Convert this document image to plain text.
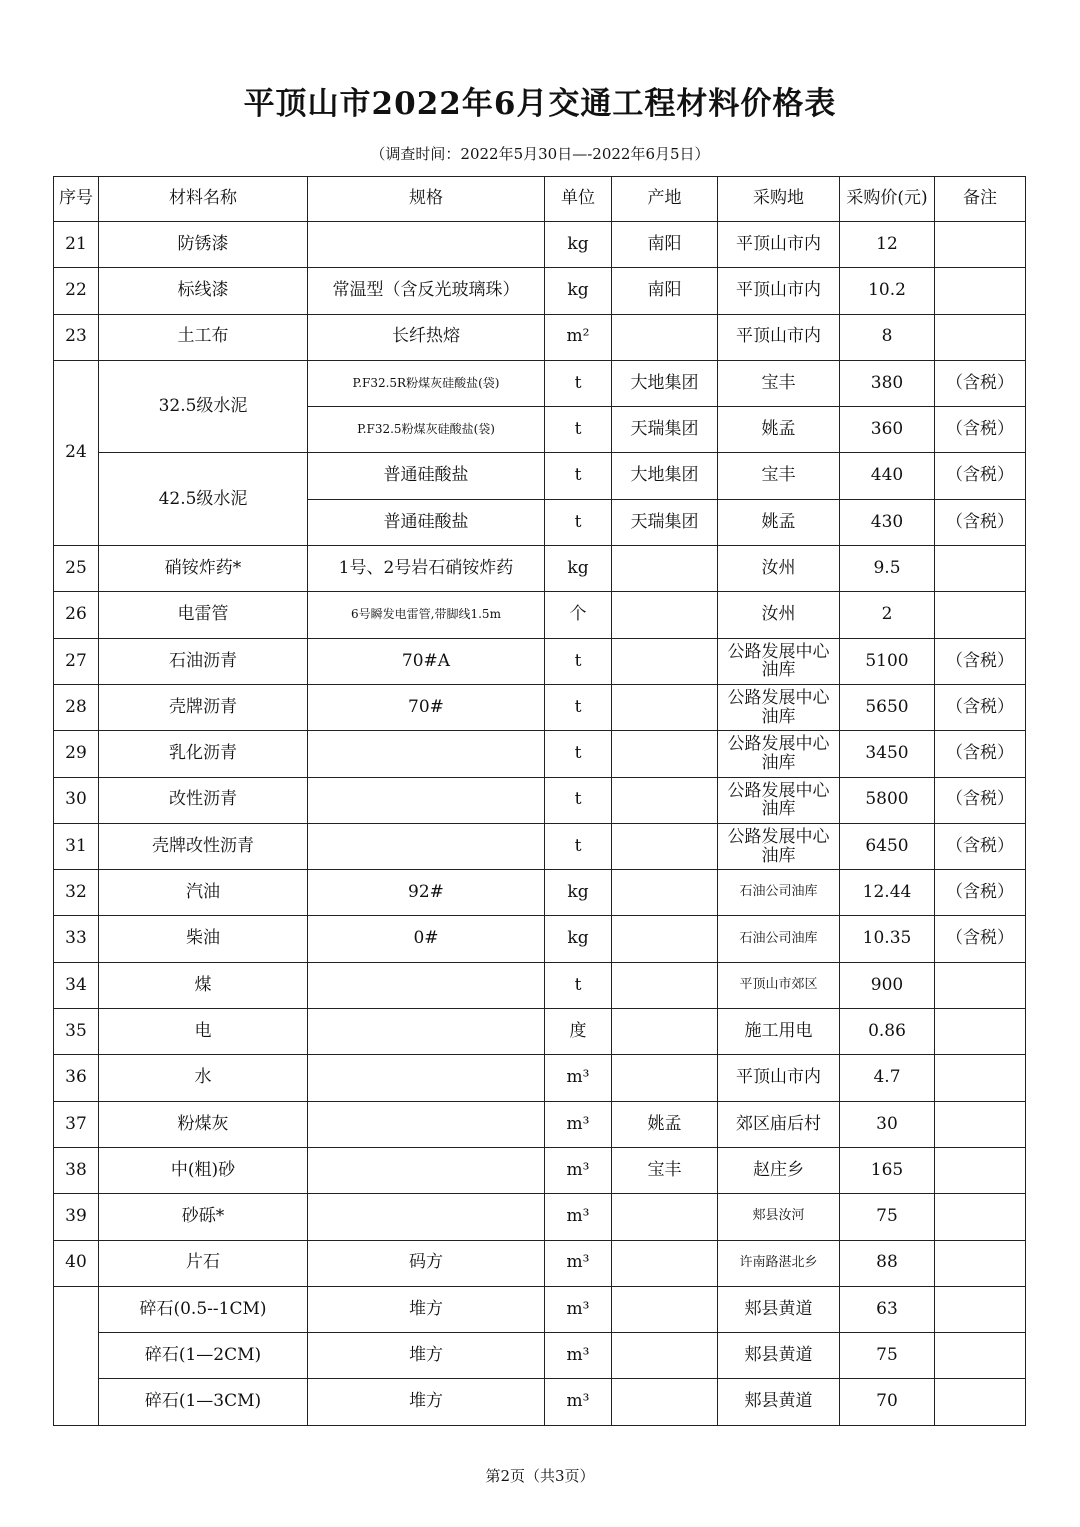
平顶山市2022年6月交通工程材料价格表
（调查时间：2022年5月30日—-2022年6月5日）
序号	材料名称	规格	单位	产地	采购地	采购价(元)	备注
21	防锈漆		kg	南阳	平顶山市内	12	
22	标线漆	常温型（含反光玻璃珠）	kg	南阳	平顶山市内	10.2	
23	土工布	长纤热熔	m²		平顶山市内	8	
24	32.5级水泥	P.F32.5R粉煤灰硅酸盐(袋)	t	大地集团	宝丰	380	（含税）
		P.F32.5粉煤灰硅酸盐(袋)	t	天瑞集团	姚孟	360	（含税）
	42.5级水泥	普通硅酸盐	t	大地集团	宝丰	440	（含税）
		普通硅酸盐	t	天瑞集团	姚孟	430	（含税）
25	硝铵炸药*	1号、2号岩石硝铵炸药	kg		汝州	9.5	
26	电雷管	6号瞬发电雷管,带脚线1.5m	个		汝州	2	
27	石油沥青	70#A	t		公路发展中心油库	5100	（含税）
28	壳牌沥青	70#	t		公路发展中心油库	5650	（含税）
29	乳化沥青		t		公路发展中心油库	3450	（含税）
30	改性沥青		t		公路发展中心油库	5800	（含税）
31	壳牌改性沥青		t		公路发展中心油库	6450	（含税）
32	汽油	92#	kg		石油公司油库	12.44	（含税）
33	柴油	0#	kg		石油公司油库	10.35	（含税）
34	煤		t		平顶山市郊区	900	
35	电		度		施工用电	0.86	
36	水		m³		平顶山市内	4.7	
37	粉煤灰		m³	姚孟	郊区庙后村	30	
38	中(粗)砂		m³	宝丰	赵庄乡	165	
39	砂砾*		m³		郏县汝河	75	
40	片石	码方	m³		许南路湛北乡	88	
	碎石(0.5--1CM)	堆方	m³		郏县黄道	63	
	碎石(1—2CM)	堆方	m³		郏县黄道	75	
	碎石(1—3CM)	堆方	m³		郏县黄道	70	
第2页（共3页）
